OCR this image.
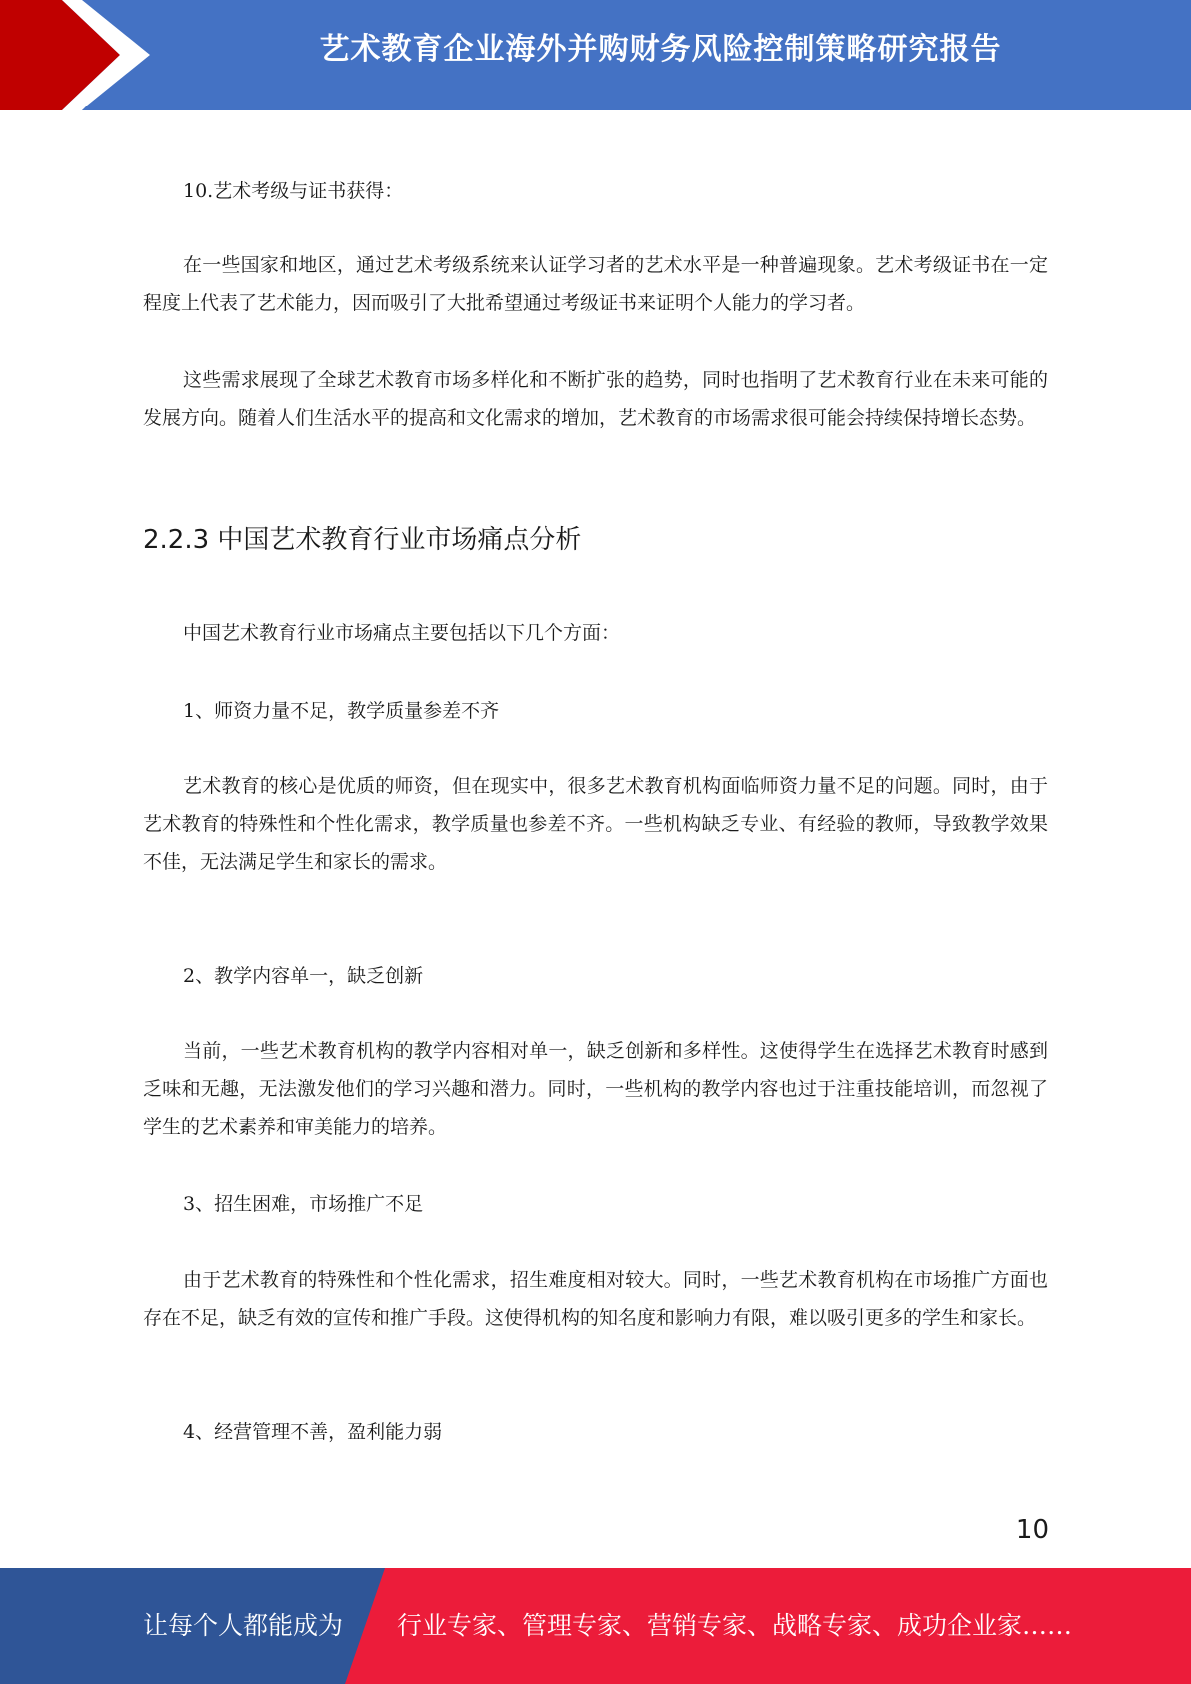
艺术教育企业海外并购财务风险控制策略研究报告

10.艺术考级与证书获得：

在一些国家和地区，通过艺术考级系统来认证学习者的艺术水平是一种普遍现象。艺术考级证书在一定程度上代表了艺术能力，因而吸引了大批希望通过考级证书来证明个人能力的学习者。

这些需求展现了全球艺术教育市场多样化和不断扩张的趋势，同时也指明了艺术教育行业在未来可能的发展方向。随着人们生活水平的提高和文化需求的增加，艺术教育的市场需求很可能会持续保持增长态势。

2.2.3 中国艺术教育行业市场痛点分析

中国艺术教育行业市场痛点主要包括以下几个方面：

1、师资力量不足，教学质量参差不齐

艺术教育的核心是优质的师资，但在现实中，很多艺术教育机构面临师资力量不足的问题。同时，由于艺术教育的特殊性和个性化需求，教学质量也参差不齐。一些机构缺乏专业、有经验的教师，导致教学效果不佳，无法满足学生和家长的需求。

2、教学内容单一，缺乏创新

当前，一些艺术教育机构的教学内容相对单一，缺乏创新和多样性。这使得学生在选择艺术教育时感到乏味和无趣，无法激发他们的学习兴趣和潜力。同时，一些机构的教学内容也过于注重技能培训，而忽视了学生的艺术素养和审美能力的培养。

3、招生困难，市场推广不足

由于艺术教育的特殊性和个性化需求，招生难度相对较大。同时，一些艺术教育机构在市场推广方面也存在不足，缺乏有效的宣传和推广手段。这使得机构的知名度和影响力有限，难以吸引更多的学生和家长。

4、经营管理不善，盈利能力弱

10
让每个人都能成为 行业专家、管理专家、营销专家、战略专家、成功企业家……
